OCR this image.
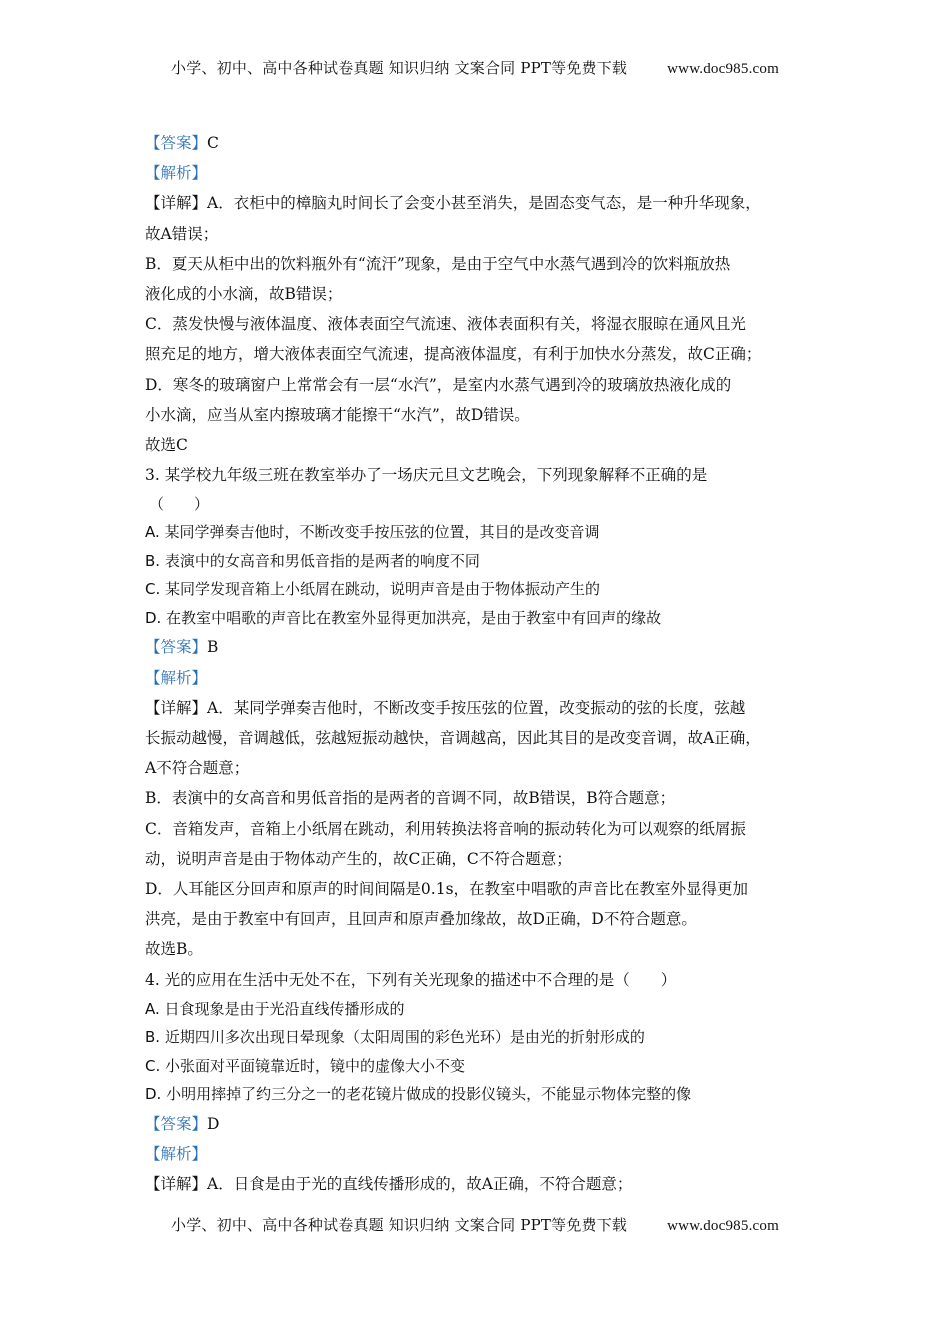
小学、初中、高中各种试卷真题 知识归纳 文案合同 PPT等免费下载	www.doc985.com
【答案】C
【解析】
【详解】A．衣柜中的樟脑丸时间长了会变小甚至消失，是固态变气态，是一种升华现象，
故A错误；
B．夏天从柜中出的饮料瓶外有“流汗”现象，是由于空气中水蒸气遇到冷的饮料瓶放热
液化成的小水滴，故B错误；
C．蒸发快慢与液体温度、液体表面空气流速、液体表面积有关，将湿衣服晾在通风且光
照充足的地方，增大液体表面空气流速，提高液体温度，有利于加快水分蒸发，故C正确；
D．寒冬的玻璃窗户上常常会有一层“水汽”，是室内水蒸气遇到冷的玻璃放热液化成的
小水滴，应当从室内擦玻璃才能擦干“水汽”，故D错误。
故选C
3. 某学校九年级三班在教室举办了一场庆元旦文艺晚会，下列现象解释不正确的是
（　　）
A. 某同学弹奏吉他时，不断改变手按压弦的位置，其目的是改变音调
B. 表演中的女高音和男低音指的是两者的响度不同
C. 某同学发现音箱上小纸屑在跳动，说明声音是由于物体振动产生的
D. 在教室中唱歌的声音比在教室外显得更加洪亮，是由于教室中有回声的缘故
【答案】B
【解析】
【详解】A．某同学弹奏吉他时，不断改变手按压弦的位置，改变振动的弦的长度，弦越
长振动越慢，音调越低，弦越短振动越快，音调越高，因此其目的是改变音调，故A正确，
A不符合题意；
B．表演中的女高音和男低音指的是两者的音调不同，故B错误，B符合题意；
C．音箱发声，音箱上小纸屑在跳动，利用转换法将音响的振动转化为可以观察的纸屑振
动，说明声音是由于物体动产生的，故C正确，C不符合题意；
D．人耳能区分回声和原声的时间间隔是0.1s，在教室中唱歌的声音比在教室外显得更加
洪亮，是由于教室中有回声，且回声和原声叠加缘故，故D正确，D不符合题意。
故选B。
4. 光的应用在生活中无处不在，下列有关光现象的描述中不合理的是（　　）
A. 日食现象是由于光沿直线传播形成的
B. 近期四川多次出现日晕现象（太阳周围的彩色光环）是由光的折射形成的
C. 小张面对平面镜靠近时，镜中的虚像大小不变
D. 小明用摔掉了约三分之一的老花镜片做成的投影仪镜头，不能显示物体完整的像
【答案】D
【解析】
【详解】A．日食是由于光的直线传播形成的，故A正确，不符合题意；
小学、初中、高中各种试卷真题 知识归纳 文案合同 PPT等免费下载	www.doc985.com
